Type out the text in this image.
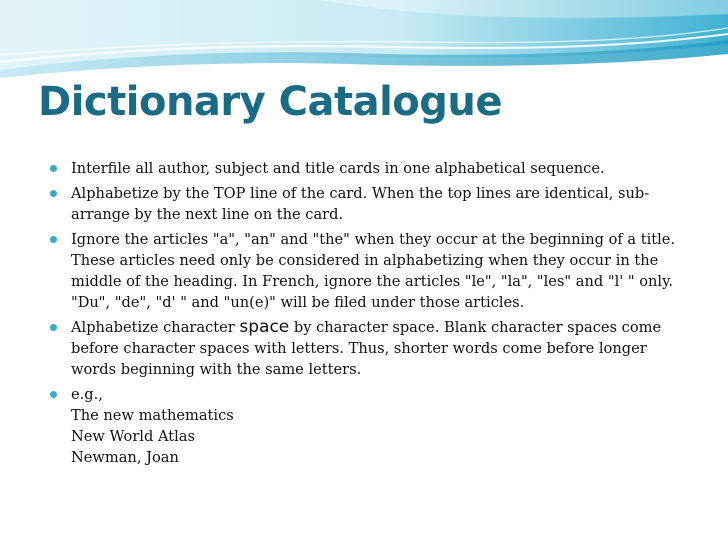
Dictionary Catalogue
Interfile all author, subject and title cards in one alphabetical sequence.
Alphabetize by the TOP line of the card. When the top lines are identical, sub-arrange by the next line on the card.
Ignore the articles "a", "an" and "the" when they occur at the beginning of a title. These articles need only be considered in alphabetizing when they occur in the middle of the heading. In French, ignore the articles "le", "la", "les" and "l' " only. "Du", "de", "d' " and "un(e)" will be filed under those articles.
Alphabetize character space by character space. Blank character spaces come before character spaces with letters. Thus, shorter words come before longer words beginning with the same letters.
e.g.,
The new mathematics
New World Atlas
Newman, Joan
